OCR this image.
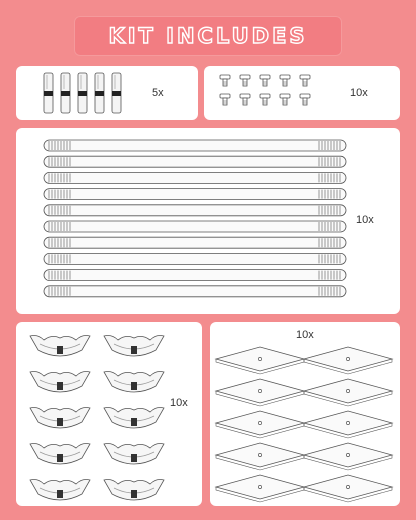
KIT INCLUDES
5x	10x
10x
10x
10x
